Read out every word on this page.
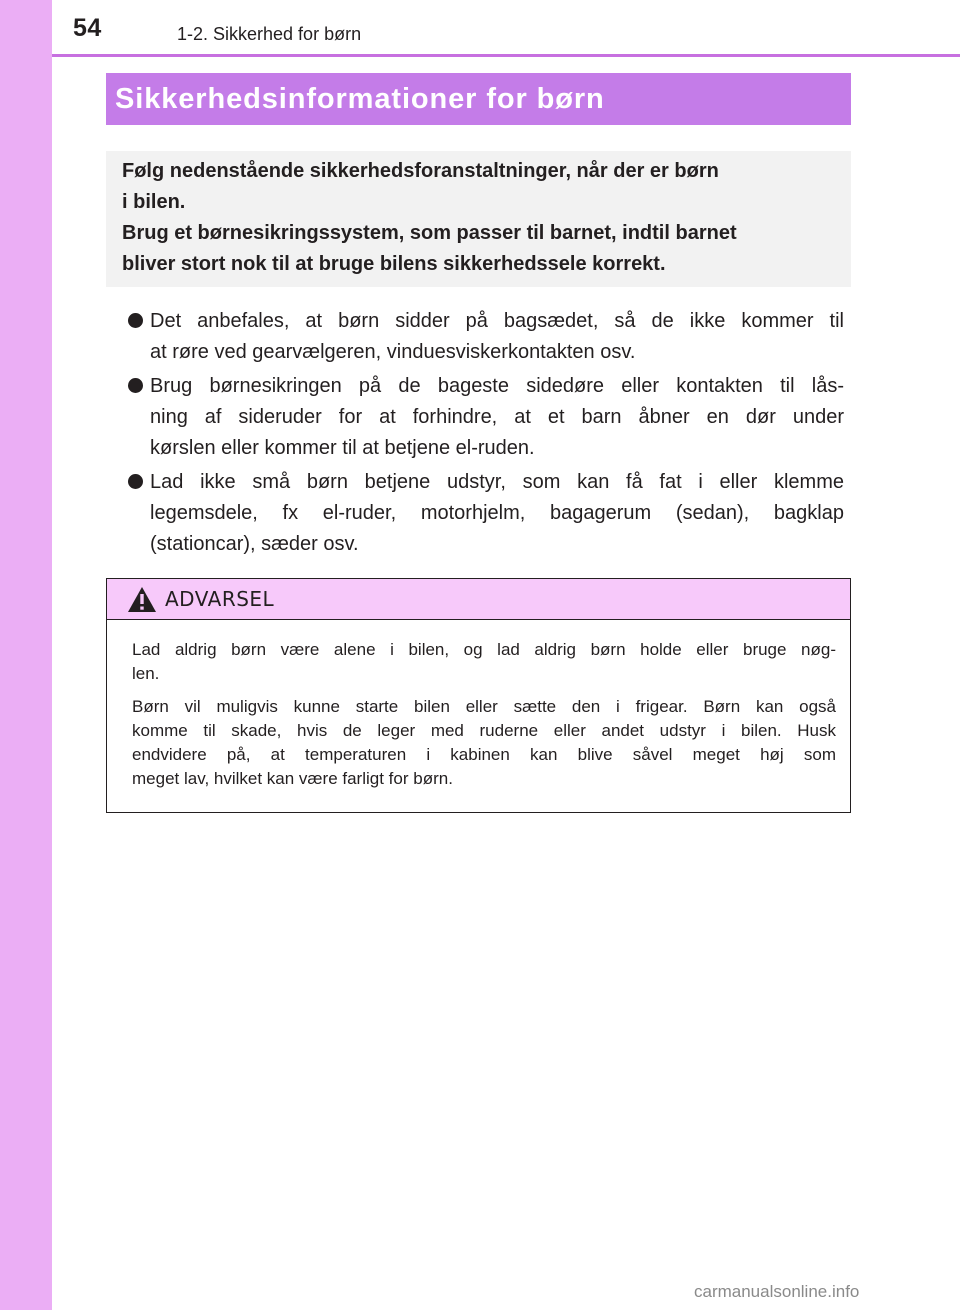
54	1-2. Sikkerhed for børn
Sikkerhedsinformationer for børn
Følg nedenstående sikkerhedsforanstaltninger, når der er børn
i bilen.
Brug et børnesikringssystem, som passer til barnet, indtil barnet
bliver stort nok til at bruge bilens sikkerhedssele korrekt.
Det anbefales, at børn sidder på bagsædet, så de ikke kommer til
at røre ved gearvælgeren, vinduesviskerkontakten osv.
Brug børnesikringen på de bageste sidedøre eller kontakten til lås-
ning af sideruder for at forhindre, at et barn åbner en dør under
kørslen eller kommer til at betjene el-ruden.
Lad ikke små børn betjene udstyr, som kan få fat i eller klemme
legemsdele, fx el-ruder, motorhjelm, bagagerum (sedan), bagklap
(stationcar), sæder osv.
ADVARSEL
Lad aldrig børn være alene i bilen, og lad aldrig børn holde eller bruge nøg-
len.
Børn vil muligvis kunne starte bilen eller sætte den i frigear. Børn kan også
komme til skade, hvis de leger med ruderne eller andet udstyr i bilen. Husk
endvidere på, at temperaturen i kabinen kan blive såvel meget høj som
meget lav, hvilket kan være farligt for børn.
carmanualsonline.info
